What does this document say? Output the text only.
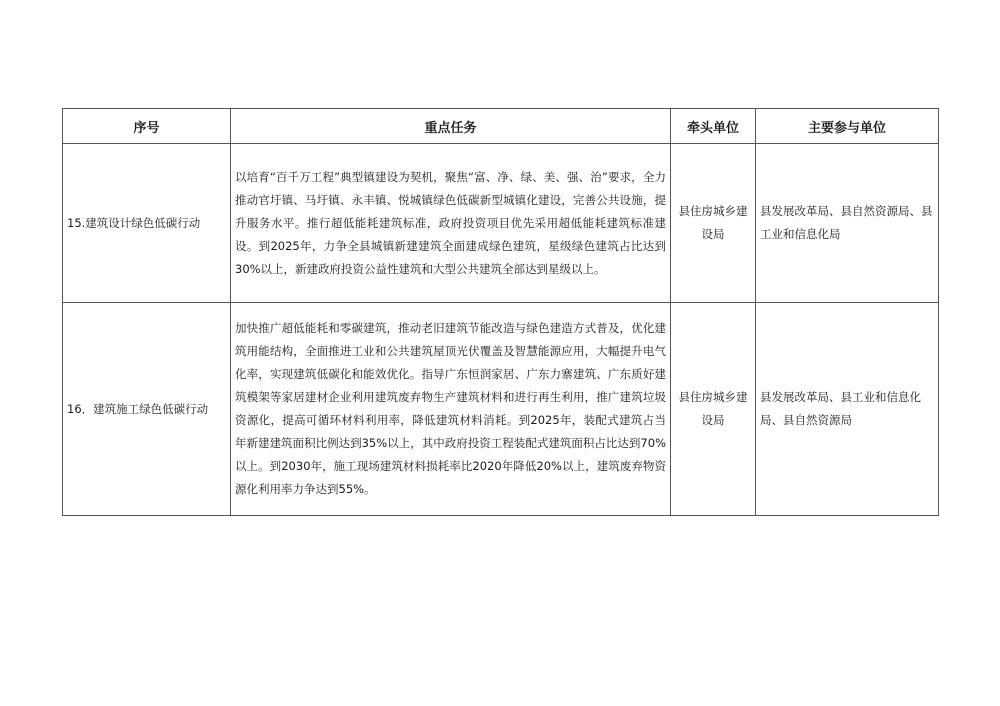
序号	重点任务	牵头单位	主要参与单位
15.建筑设计绿色低碳行动	以培育“百千万工程”典型镇建设为契机，聚焦“富、净、绿、美、强、治”要求，全力推动官圩镇、马圩镇、永丰镇、悦城镇绿色低碳新型城镇化建设，完善公共设施，提升服务水平。推行超低能耗建筑标准，政府投资项目优先采用超低能耗建筑标准建设。到2025年，力争全县城镇新建建筑全面建成绿色建筑，星级绿色建筑占比达到30%以上，新建政府投资公益性建筑和大型公共建筑全部达到星级以上。	县住房城乡建设局	县发展改革局、县自然资源局、县工业和信息化局
16．建筑施工绿色低碳行动	加快推广超低能耗和零碳建筑，推动老旧建筑节能改造与绿色建造方式普及，优化建筑用能结构，全面推进工业和公共建筑屋顶光伏覆盖及智慧能源应用，大幅提升电气化率，实现建筑低碳化和能效优化。指导广东恒润家居、广东力寨建筑、广东质好建筑模架等家居建材企业利用建筑废弃物生产建筑材料和进行再生利用，推广建筑垃圾资源化，提高可循环材料利用率，降低建筑材料消耗。到2025年，装配式建筑占当年新建建筑面积比例达到35%以上，其中政府投资工程装配式建筑面积占比达到70%以上。到2030年，施工现场建筑材料损耗率比2020年降低20%以上，建筑废弃物资源化利用率力争达到55%。	县住房城乡建设局	县发展改革局、县工业和信息化局、县自然资源局
